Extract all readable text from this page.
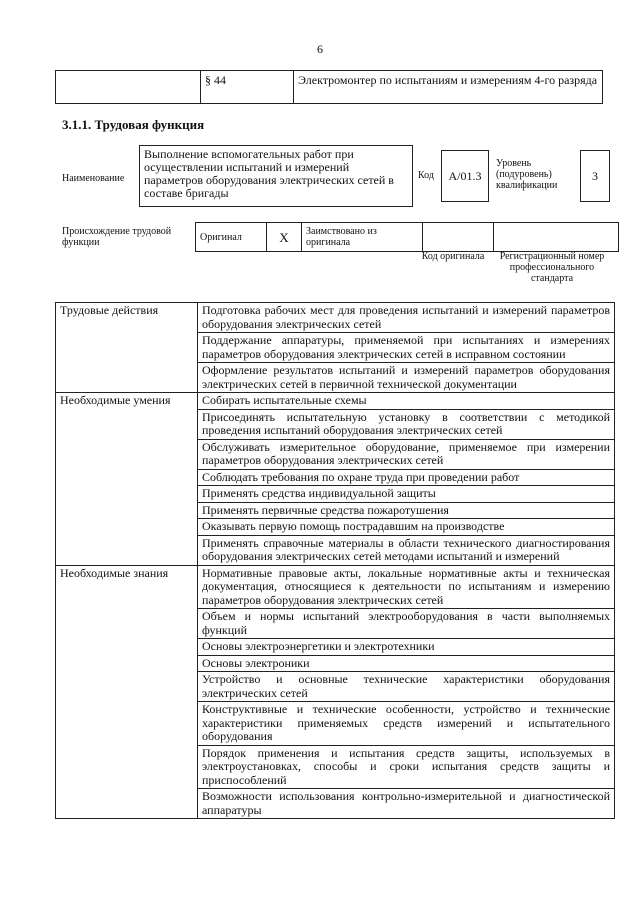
6
	§ 44	Электромонтер по испытаниям и измерениям 4-го разряда
3.1.1. Трудовая функция
Наименование
Выполнение вспомогательных работ при осуществлении испытаний и измерений параметров оборудования электрических сетей в составе бригады
Код	A/01.3
Уровень (подуровень) квалификации
3
Происхождение трудовой функции	Оригинал	X	Заимствовано из оригинала		
Код оригинала	Регистрационный номер профессионального стандарта
Трудовые действия	Подготовка рабочих мест для проведения испытаний и измерений параметров оборудования электрических сетей
	Поддержание аппаратуры, применяемой при испытаниях и измерениях параметров оборудования электрических сетей в исправном состоянии
	Оформление результатов испытаний и измерений параметров оборудования электрических сетей в первичной технической документации
Необходимые умения	Собирать испытательные схемы
	Присоединять испытательную установку в соответствии с методикой проведения испытаний оборудования электрических сетей
	Обслуживать измерительное оборудование, применяемое при измерении параметров оборудования электрических сетей
	Соблюдать требования по охране труда при проведении работ
	Применять средства индивидуальной защиты
	Применять первичные средства пожаротушения
	Оказывать первую помощь пострадавшим на производстве
	Применять справочные материалы в области технического диагностирования оборудования электрических сетей методами испытаний и измерений
Необходимые знания	Нормативные правовые акты, локальные нормативные акты и техническая документация, относящиеся к деятельности по испытаниям и измерению параметров оборудования электрических сетей
	Объем и нормы испытаний электрооборудования в части выполняемых функций
	Основы электроэнергетики и электротехники
	Основы электроники
	Устройство и основные технические характеристики оборудования электрических сетей
	Конструктивные и технические особенности, устройство и технические характеристики применяемых средств измерений и испытательного оборудования
	Порядок применения и испытания средств защиты, используемых в электроустановках, способы и сроки испытания средств защиты и приспособлений
	Возможности использования контрольно-измерительной и диагностической аппаратуры
